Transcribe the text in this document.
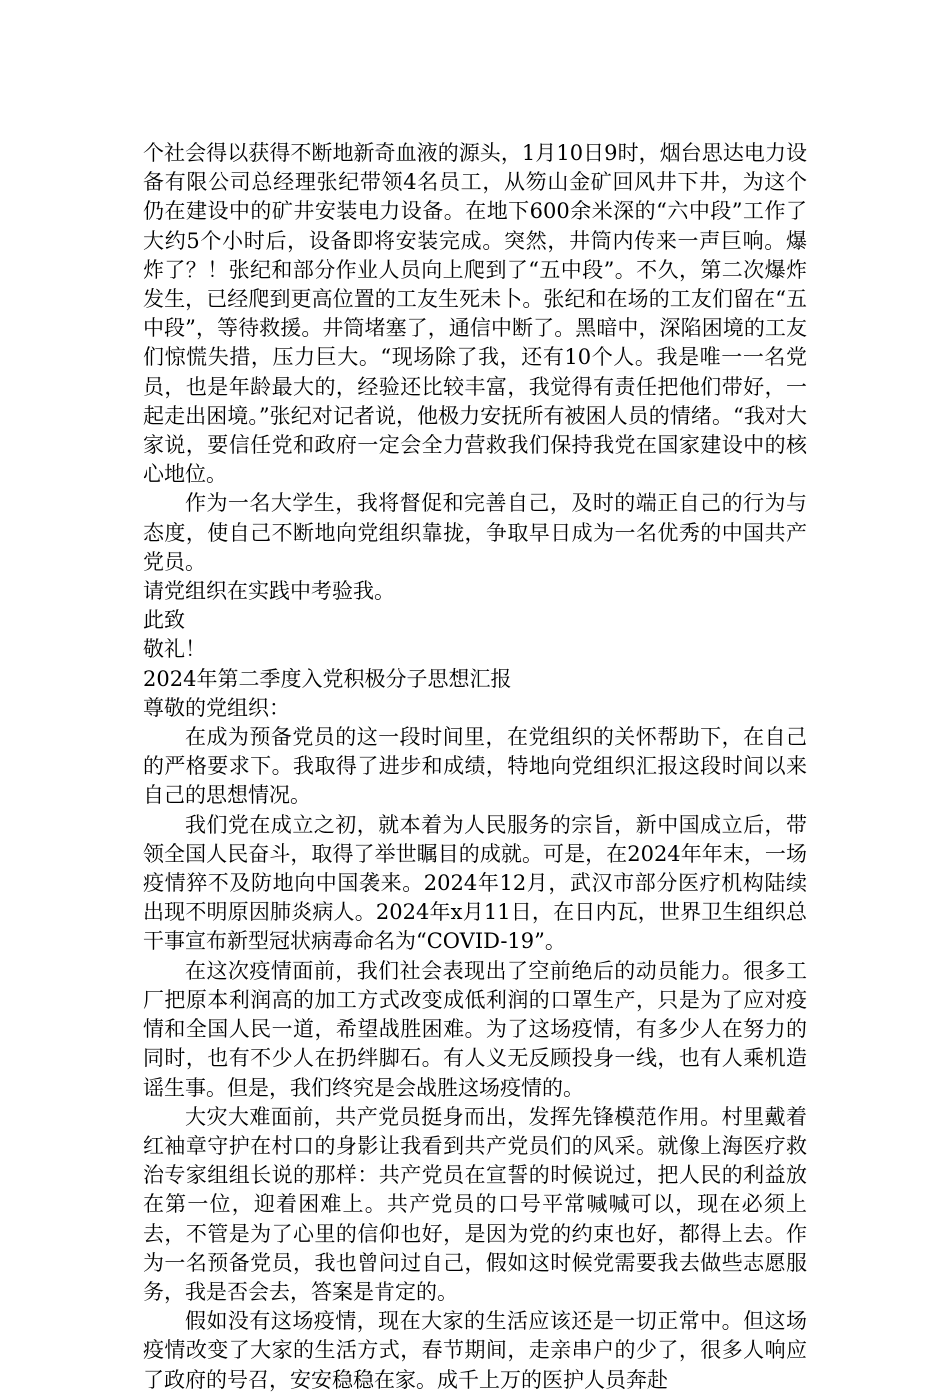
个社会得以获得不断地新奇血液的源头，1月10日9时，烟台思达电力设备有限公司总经理张纪带领4名员工，从笏山金矿回风井下井，为这个仍在建设中的矿井安装电力设备。在地下600余米深的“六中段”工作了大约5个小时后，设备即将安装完成。突然，井筒内传来一声巨响。爆炸了？！张纪和部分作业人员向上爬到了“五中段”。不久，第二次爆炸发生，已经爬到更高位置的工友生死未卜。张纪和在场的工友们留在“五中段”，等待救援。井筒堵塞了，通信中断了。黑暗中，深陷困境的工友们惊慌失措，压力巨大。“现场除了我，还有10个人。我是唯一一名党员，也是年龄最大的，经验还比较丰富，我觉得有责任把他们带好，一起走出困境。”张纪对记者说，他极力安抚所有被困人员的情绪。“我对大家说，要信任党和政府一定会全力营救我们保持我党在国家建设中的核心地位。

作为一名大学生，我将督促和完善自己，及时的端正自己的行为与态度，使自己不断地向党组织靠拢，争取早日成为一名优秀的中国共产党员。

请党组织在实践中考验我。

此致

敬礼！

2024年第二季度入党积极分子思想汇报

尊敬的党组织：

在成为预备党员的这一段时间里，在党组织的关怀帮助下，在自己的严格要求下。我取得了进步和成绩，特地向党组织汇报这段时间以来自己的思想情况。

我们党在成立之初，就本着为人民服务的宗旨，新中国成立后，带领全国人民奋斗，取得了举世瞩目的成就。可是，在2024年年末，一场疫情猝不及防地向中国袭来。2024年12月，武汉市部分医疗机构陆续出现不明原因肺炎病人。2024年x月11日，在日内瓦，世界卫生组织总干事宣布新型冠状病毒命名为“COVID-19”。

在这次疫情面前，我们社会表现出了空前绝后的动员能力。很多工厂把原本利润高的加工方式改变成低利润的口罩生产，只是为了应对疫情和全国人民一道，希望战胜困难。为了这场疫情，有多少人在努力的同时，也有不少人在扔绊脚石。有人义无反顾投身一线，也有人乘机造谣生事。但是，我们终究是会战胜这场疫情的。

大灾大难面前，共产党员挺身而出，发挥先锋模范作用。村里戴着红袖章守护在村口的身影让我看到共产党员们的风采。就像上海医疗救治专家组组长说的那样：共产党员在宣誓的时候说过，把人民的利益放在第一位，迎着困难上。共产党员的口号平常喊喊可以，现在必须上去，不管是为了心里的信仰也好，是因为党的约束也好，都得上去。作为一名预备党员，我也曾问过自己，假如这时候党需要我去做些志愿服务，我是否会去，答案是肯定的。

假如没有这场疫情，现在大家的生活应该还是一切正常中。但这场疫情改变了大家的生活方式，春节期间，走亲串户的少了，很多人响应了政府的号召，安安稳稳在家。成千上万的医护人员奔赴
